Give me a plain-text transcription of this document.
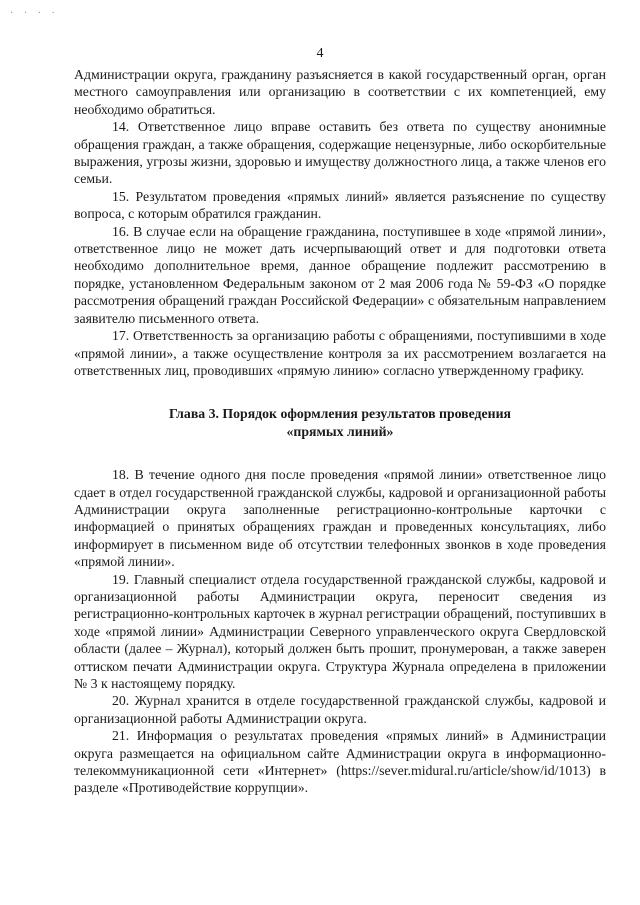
· · · ·
4

Администрации округа, гражданину разъясняется в какой государственный орган, орган местного самоуправления или организацию в соответствии с их компетенцией, ему необходимо обратиться.

14. Ответственное лицо вправе оставить без ответа по существу анонимные обращения граждан, а также обращения, содержащие нецензурные, либо оскорбительные выражения, угрозы жизни, здоровью и имуществу должностного лица, а также членов его семьи.

15. Результатом проведения «прямых линий» является разъяснение по существу вопроса, с которым обратился гражданин.

16. В случае если на обращение гражданина, поступившее в ходе «прямой линии», ответственное лицо не может дать исчерпывающий ответ и для подготовки ответа необходимо дополнительное время, данное обращение подлежит рассмотрению в порядке, установленном Федеральным законом от 2 мая 2006 года № 59-ФЗ «О порядке рассмотрения обращений граждан Российской Федерации» с обязательным направлением заявителю письменного ответа.

17. Ответственность за организацию работы с обращениями, поступившими в ходе «прямой линии», а также осуществление контроля за их рассмотрением возлагается на ответственных лиц, проводивших «прямую линию» согласно утвержденному графику.

Глава 3. Порядок оформления результатов проведения
«прямых линий»

18. В течение одного дня после проведения «прямой линии» ответственное лицо сдает в отдел государственной гражданской службы, кадровой и организационной работы Администрации округа заполненные регистрационно-контрольные карточки с информацией о принятых обращениях граждан и проведенных консультациях, либо информирует в письменном виде об отсутствии телефонных звонков в ходе проведения «прямой линии».

19. Главный специалист отдела государственной гражданской службы, кадровой и организационной работы Администрации округа, переносит сведения из регистрационно-контрольных карточек в журнал регистрации обращений, поступивших в ходе «прямой линии» Администрации Северного управленческого округа Свердловской области (далее – Журнал), который должен быть прошит, пронумерован, а также заверен оттиском печати Администрации округа. Структура Журнала определена в приложении № 3 к настоящему порядку.

20. Журнал хранится в отделе государственной гражданской службы, кадровой и организационной работы Администрации округа.

21. Информация о результатах проведения «прямых линий» в Администрации округа размещается на официальном сайте Администрации округа в информационно-телекоммуникационной сети «Интернет» (https://sever.midural.ru/article/show/id/1013) в разделе «Противодействие коррупции».
